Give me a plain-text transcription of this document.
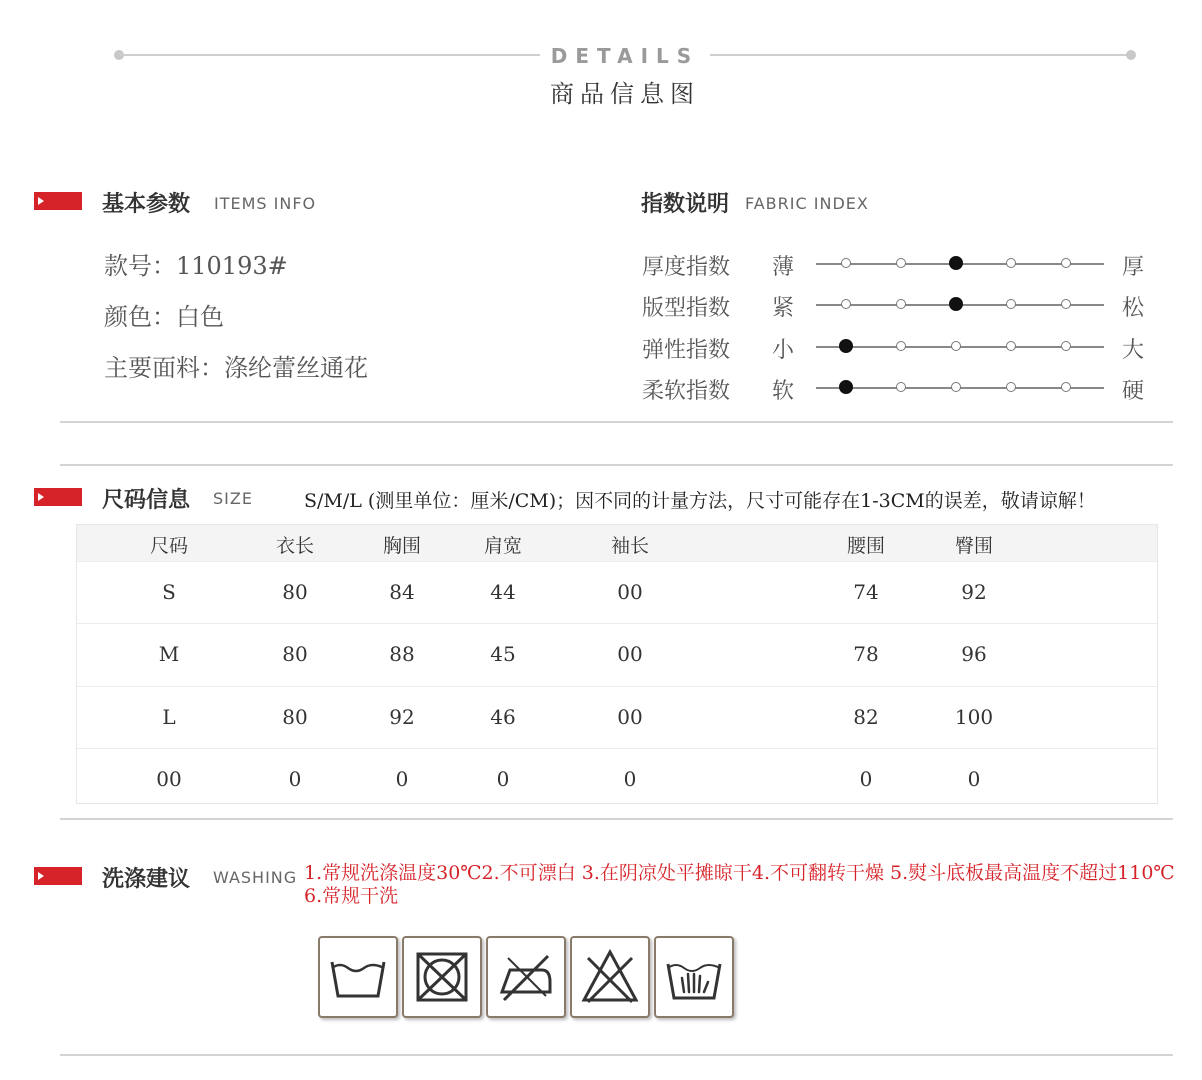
DETAILS
商品信息图
基本参数 ITEMS INFO
款号：110193#
颜色：白色
主要面料：涤纶蕾丝通花
指数说明 FABRIC INDEX
厚度指数 薄	厚
版型指数 紧	松
弹性指数 小	大
柔软指数 软	硬
尺码信息 SIZE	S/M/L (测里单位：厘米/CM)；因不同的计量方法，尺寸可能存在1-3CM的误差，敬请谅解！
尺码	衣长	胸围	肩宽	袖长	腰围	臀围
S	80	84	44	00	74	92
M	80	88	45	00	78	96
L	80	92	46	00	82	100
00	0	0	0	0	0	0
洗涤建议 WASHING 1.常规洗涤温度30℃2.不可漂白 3.在阴凉处平摊晾干4.不可翻转干燥 5.熨斗底板最高温度不超过110℃ 6.常规干洗
